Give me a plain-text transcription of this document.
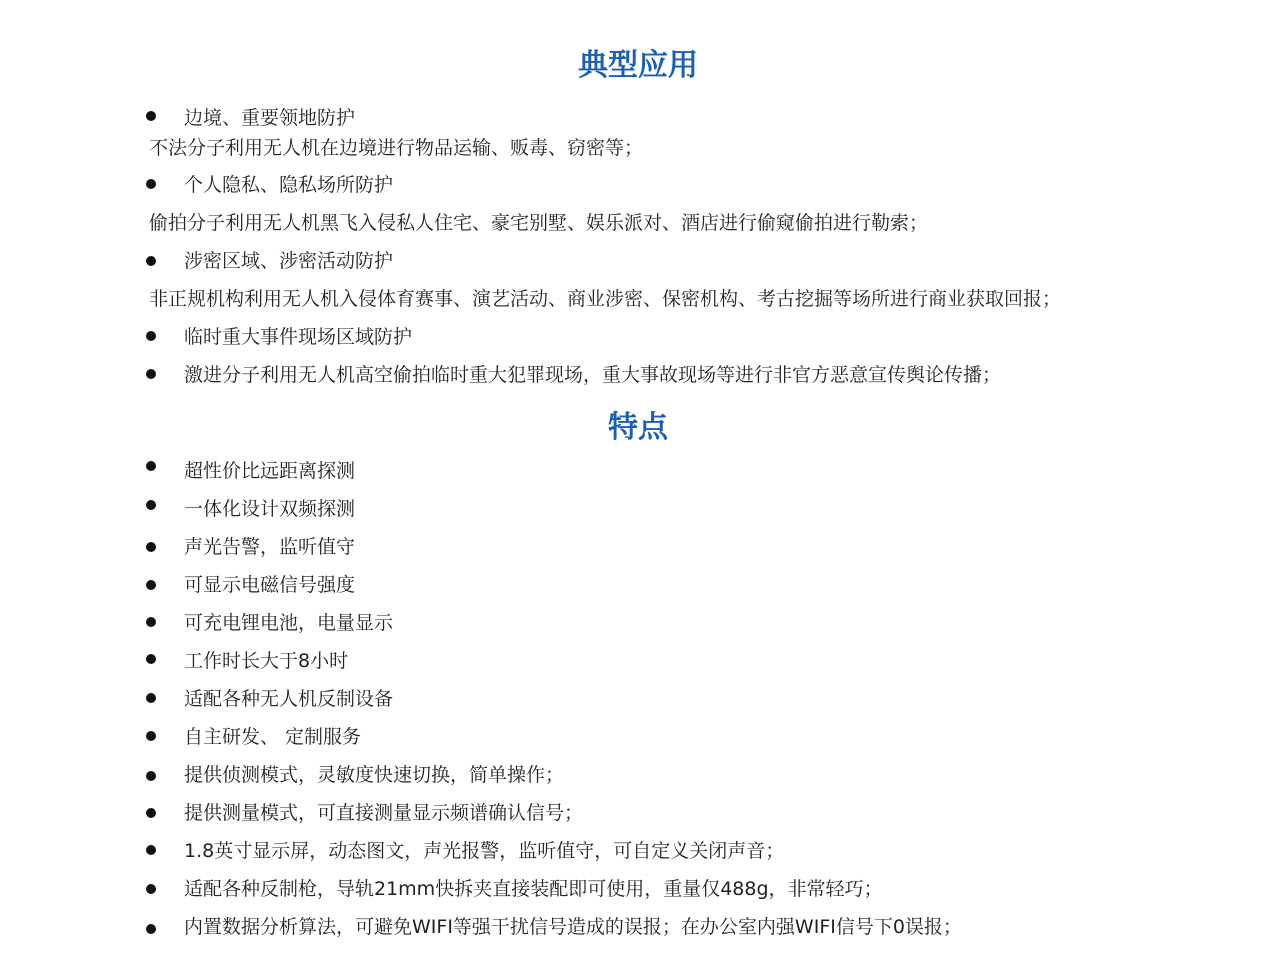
典型应用
边境、重要领地防护
不法分子利用无人机在边境进行物品运输、贩毒、窃密等；
个人隐私、隐私场所防护
偷拍分子利用无人机黑飞入侵私人住宅、豪宅别墅、娱乐派对、酒店进行偷窥偷拍进行勒索；
涉密区域、涉密活动防护
非正规机构利用无人机入侵体育赛事、演艺活动、商业涉密、保密机构、考古挖掘等场所进行商业获取回报；
临时重大事件现场区域防护
激进分子利用无人机高空偷拍临时重大犯罪现场，重大事故现场等进行非官方恶意宣传舆论传播；
特点
超性价比远距离探测
一体化设计双频探测
声光告警，监听值守
可显示电磁信号强度
可充电锂电池，电量显示
工作时长大于8小时
适配各种无人机反制设备
自主研发、 定制服务
提供侦测模式，灵敏度快速切换，简单操作；
提供测量模式，可直接测量显示频谱确认信号；
1.8英寸显示屏，动态图文，声光报警，监听值守，可自定义关闭声音；
适配各种反制枪，导轨21mm快拆夹直接装配即可使用，重量仅488g，非常轻巧；
内置数据分析算法，可避免WIFI等强干扰信号造成的误报；在办公室内强WIFI信号下0误报；
